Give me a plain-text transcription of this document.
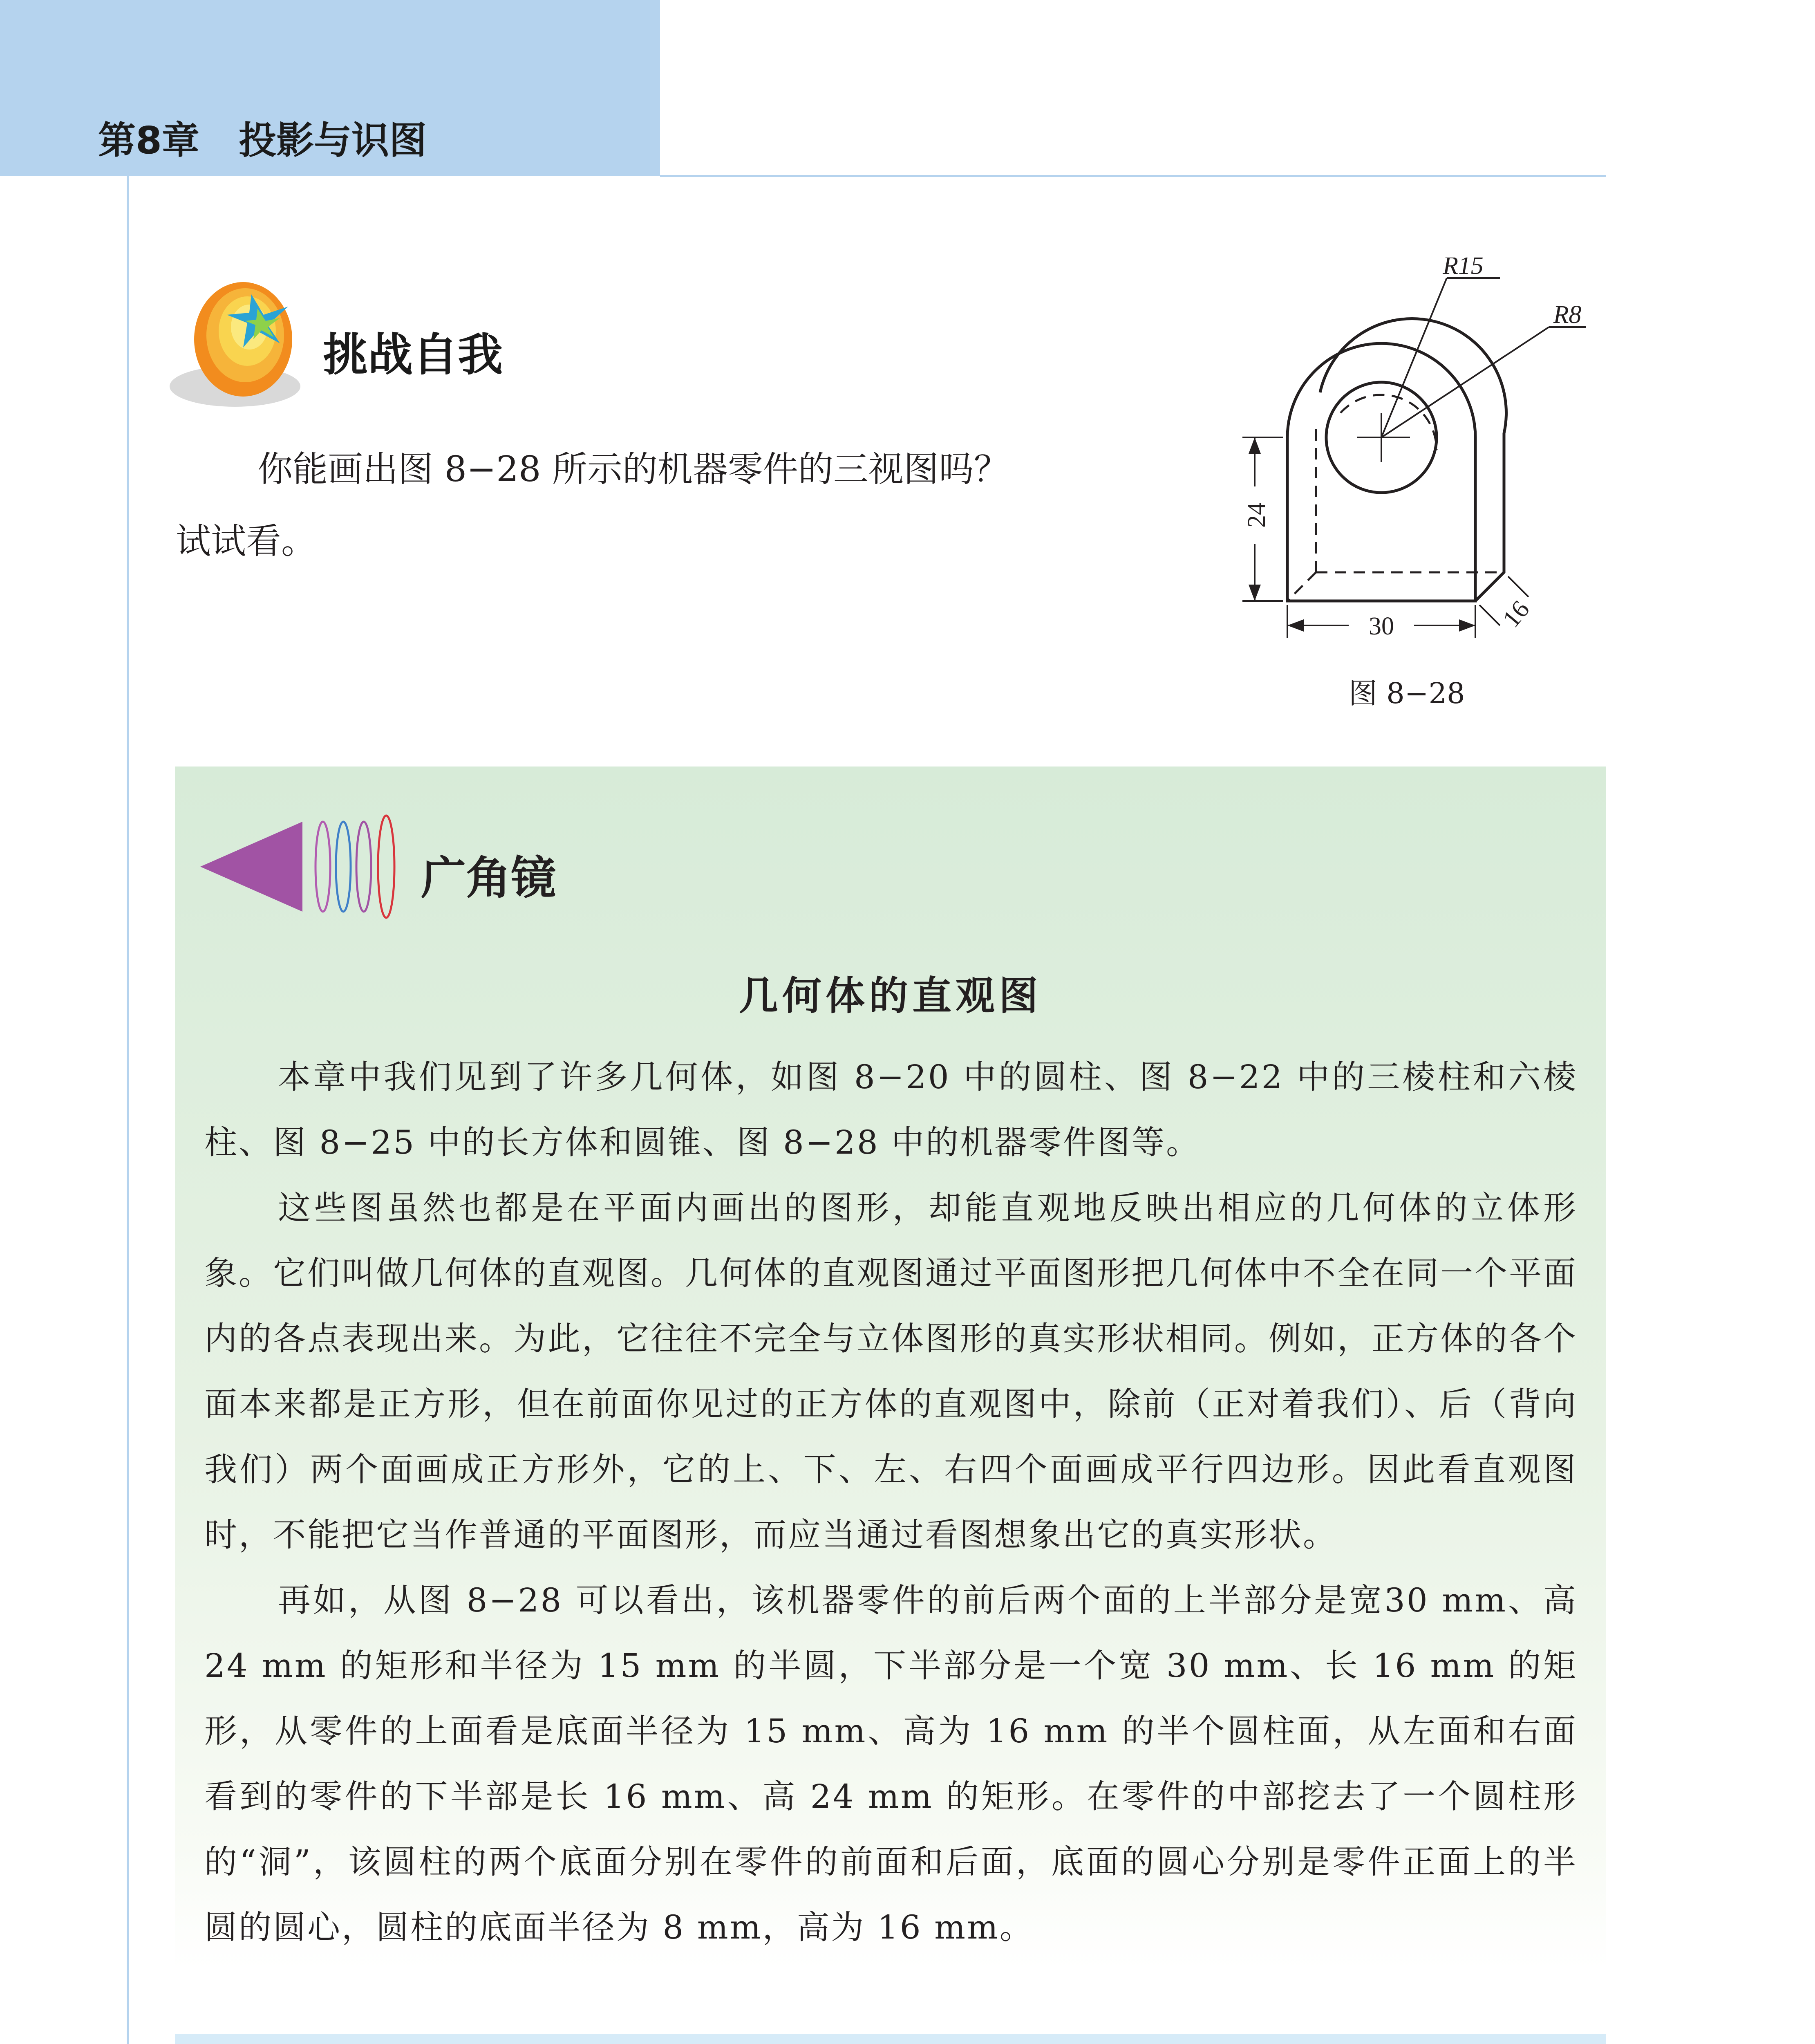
第8章 投影与识图
挑战自我
你能画出图 8−28 所示的机器零件的三视图吗？
试试看。
R15
R8
24
30	16
图 8−28
广角镜
几何体的直观图

本章中我们见到了许多几何体，如图 8−20 中的圆柱、图 8−22 中的三棱柱和六棱柱、图 8−25 中的长方体和圆锥、图 8−28 中的机器零件图等。

这些图虽然也都是在平面内画出的图形，却能直观地反映出相应的几何体的立体形象。它们叫做几何体的直观图。几何体的直观图通过平面图形把几何体中不全在同一个平面内的各点表现出来。为此，它往往不完全与立体图形的真实形状相同。例如，正方体的各个面本来都是正方形，但在前面你见过的正方体的直观图中，除前（正对着我们）、后（背向我们）两个面画成正方形外，它的上、下、左、右四个面画成平行四边形。因此看直观图时，不能把它当作普通的平面图形，而应当通过看图想象出它的真实形状。

再如，从图 8−28 可以看出，该机器零件的前后两个面的上半部分是宽30 mm、高 24 mm 的矩形和半径为 15 mm 的半圆，下半部分是一个宽 30 mm、长 16 mm 的矩形，从零件的上面看是底面半径为 15 mm、高为 16 mm 的半个圆柱面，从左面和右面看到的零件的下半部是长 16 mm、高 24 mm 的矩形。在零件的中部挖去了一个圆柱形的“洞”，该圆柱的两个底面分别在零件的前面和后面，底面的圆心分别是零件正面上的半圆的圆心，圆柱的底面半径为 8 mm，高为 16 mm。
